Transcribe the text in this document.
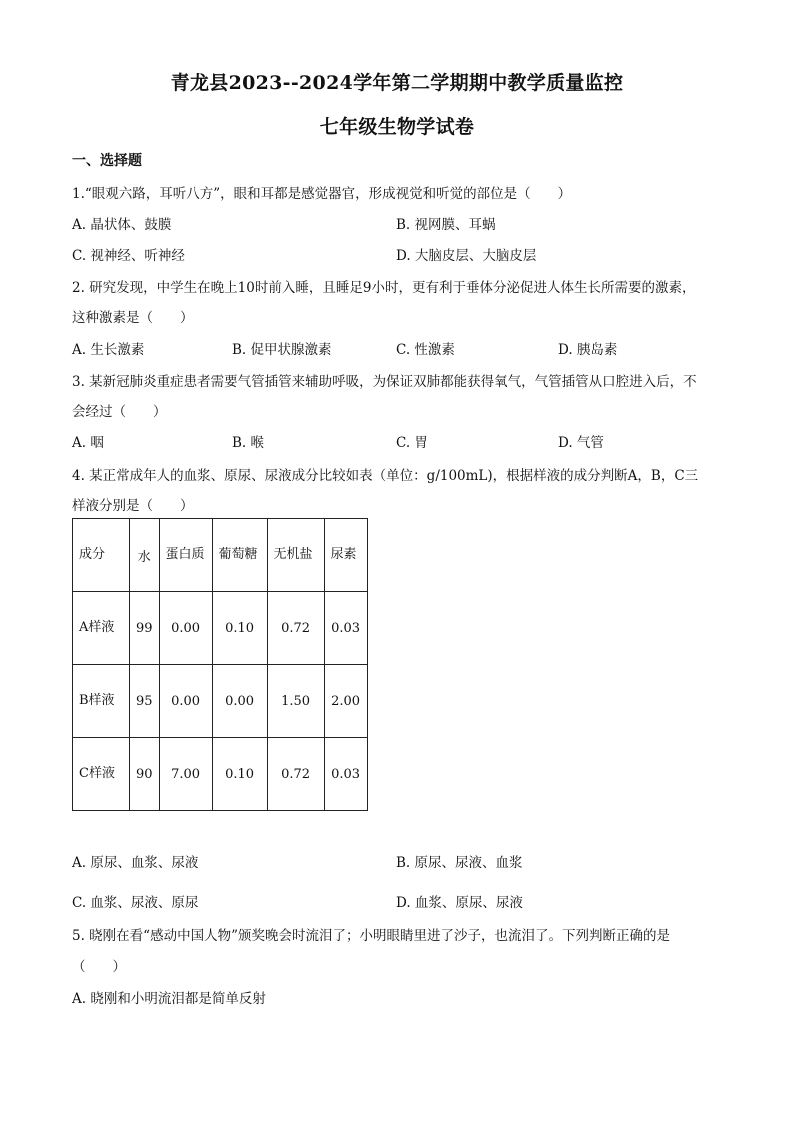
青龙县2023--2024学年第二学期期中教学质量监控
七年级生物学试卷
一、选择题
1.“眼观六路，耳听八方”，眼和耳都是感觉器官，形成视觉和听觉的部位是（　　）
A. 晶状体、鼓膜	B. 视网膜、耳蜗
C. 视神经、听神经	D. 大脑皮层、大脑皮层
2. 研究发现，中学生在晚上10时前入睡，且睡足9小时，更有利于垂体分泌促进人体生长所需要的激素，
这种激素是（　　）
A. 生长激素	B. 促甲状腺激素	C. 性激素	D. 胰岛素
3. 某新冠肺炎重症患者需要气管插管来辅助呼吸，为保证双肺都能获得氧气，气管插管从口腔进入后，不
会经过（　　）
A. 咽	B. 喉	C. 胃	D. 气管
4. 某正常成年人的血浆、原尿、尿液成分比较如表（单位：g/100mL)，根据样液的成分判断A，B，C三
样液分别是（　　）
成分	水	蛋白质	葡萄糖	无机盐	尿素
A样液	99	0.00	0.10	0.72	0.03
B样液	95	0.00	0.00	1.50	2.00
C样液	90	7.00	0.10	0.72	0.03
A. 原尿、血浆、尿液	B. 原尿、尿液、血浆
C. 血浆、尿液、原尿	D. 血浆、原尿、尿液
5. 晓刚在看“感动中国人物”颁奖晚会时流泪了；小明眼睛里进了沙子，也流泪了。下列判断正确的是
（　　）
A. 晓刚和小明流泪都是简单反射
